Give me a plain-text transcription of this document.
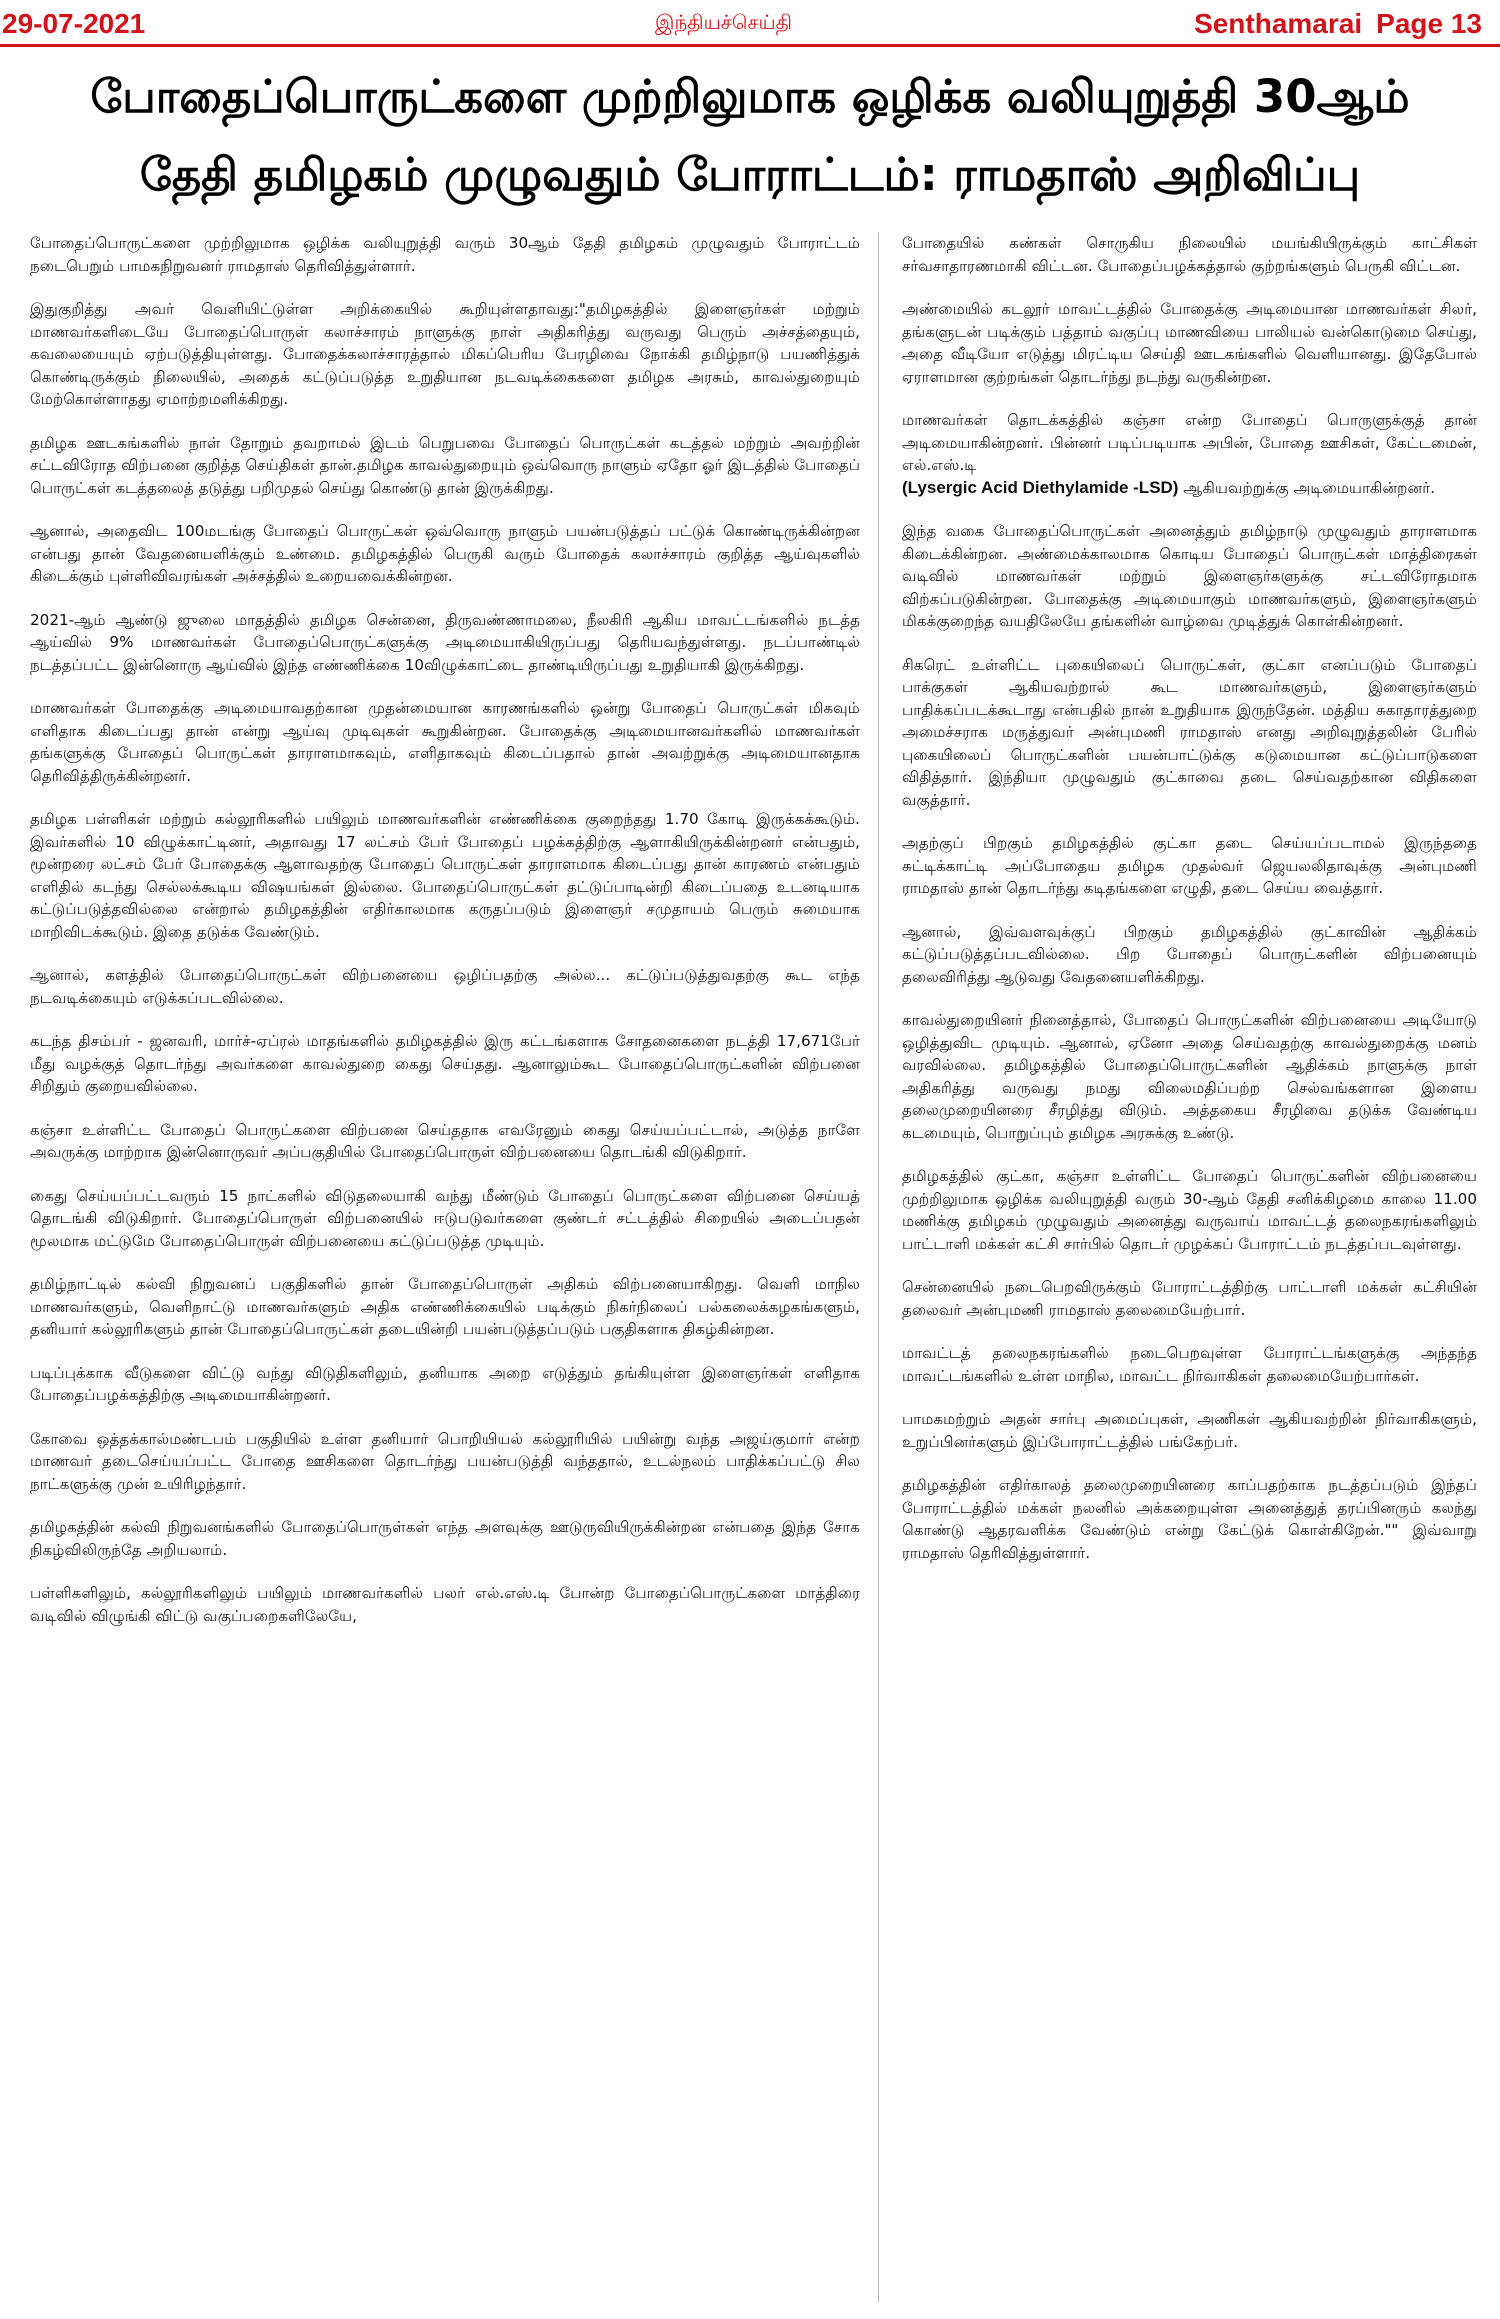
29-07-2021	இந்தியச்செய்தி	Senthamarai Page 13
போதைப்பொருட்களை முற்றிலுமாக ஒழிக்க வலியுறுத்தி 30ஆம்
தேதி தமிழகம் முழுவதும் போராட்டம்: ராமதாஸ் அறிவிப்பு

போதைப்பொருட்களை முற்றிலுமாக ஒழிக்க வலியுறுத்தி வரும் 30ஆம் தேதி தமிழகம் முழுவதும் போராட்டம் நடைபெறும் பாமகநிறுவனர் ராமதாஸ் தெரிவித்துள்ளார்.

இதுகுறித்து அவர் வெளியிட்டுள்ள அறிக்கையில் கூறியுள்ளதாவது:"தமிழகத்தில் இளைஞர்கள் மற்றும் மாணவர்களிடையே போதைப்பொருள் கலாச்சாரம் நாளுக்கு நாள் அதிகரித்து வருவது பெரும் அச்சத்தையும், கவலையையும் ஏற்படுத்தியுள்ளது. போதைக்கலாச்சாரத்தால் மிகப்பெரிய பேரழிவை நோக்கி தமிழ்நாடு பயணித்துக் கொண்டிருக்கும் நிலையில், அதைக் கட்டுப்படுத்த உறுதியான நடவடிக்கைகளை தமிழக அரசும், காவல்துறையும் மேற்கொள்ளாதது ஏமாற்றமளிக்கிறது.

தமிழக ஊடகங்களில் நாள் தோறும் தவறாமல் இடம் பெறுபவை போதைப் பொருட்கள் கடத்தல் மற்றும் அவற்றின் சட்டவிரோத விற்பனை குறித்த செய்திகள் தான்.தமிழக காவல்துறையும் ஒவ்வொரு நாளும் ஏதோ ஓர் இடத்தில் போதைப் பொருட்கள் கடத்தலைத் தடுத்து பறிமுதல் செய்து கொண்டு தான் இருக்கிறது.

ஆனால், அதைவிட 100மடங்கு போதைப் பொருட்கள் ஒவ்வொரு நாளும் பயன்படுத்தப் பட்டுக் கொண்டிருக்கின்றன என்பது தான் வேதனையளிக்கும் உண்மை. தமிழகத்தில் பெருகி வரும் போதைக் கலாச்சாரம் குறித்த ஆய்வுகளில் கிடைக்கும் புள்ளிவிவரங்கள் அச்சத்தில் உறையவைக்கின்றன.

2021-ஆம் ஆண்டு ஜுலை மாதத்தில் தமிழக சென்னை, திருவண்ணாமலை, நீலகிரி ஆகிய மாவட்டங்களில் நடத்த ஆய்வில் 9% மாணவர்கள் போதைப்பொருட்களுக்கு அடிமையாகியிருப்பது தெரியவந்துள்ளது. நடப்பாண்டில் நடத்தப்பட்ட இன்னொரு ஆய்வில் இந்த எண்ணிக்கை 10விழுக்காட்டை தாண்டியிருப்பது உறுதியாகி இருக்கிறது.

மாணவர்கள் போதைக்கு அடிமையாவதற்கான முதன்மையான காரணங்களில் ஒன்று போதைப் பொருட்கள் மிகவும் எளிதாக கிடைப்பது தான் என்று ஆய்வு முடிவுகள் கூறுகின்றன. போதைக்கு அடிமையானவர்களில் மாணவர்கள் தங்களுக்கு போதைப் பொருட்கள் தாராளமாகவும், எளிதாகவும் கிடைப்பதால் தான் அவற்றுக்கு அடிமையானதாக தெரிவித்திருக்கின்றனர்.

தமிழக பள்ளிகள் மற்றும் கல்லூரிகளில் பயிலும் மாணவர்களின் எண்ணிக்கை குறைந்தது 1.70 கோடி இருக்கக்கூடும். இவர்களில் 10 விழுக்காட்டினர், அதாவது 17 லட்சம் பேர் போதைப் பழக்கத்திற்கு ஆளாகியிருக்கின்றனர் என்பதும், மூன்றரை லட்சம் பேர் போதைக்கு ஆளாவதற்கு போதைப் பொருட்கள் தாராளமாக கிடைப்பது தான் காரணம் என்பதும் எளிதில் கடந்து செல்லக்கூடிய விஷயங்கள் இல்லை. போதைப்பொருட்கள் தட்டுப்பாடின்றி கிடைப்பதை உடனடியாக கட்டுப்படுத்தவில்லை என்றால் தமிழகத்தின் எதிர்காலமாக கருதப்படும் இளைஞர் சமுதாயம் பெரும் சுமையாக மாறிவிடக்கூடும். இதை தடுக்க வேண்டும்.

ஆனால், களத்தில் போதைப்பொருட்கள் விற்பனையை ஒழிப்பதற்கு அல்ல... கட்டுப்படுத்துவதற்கு கூட எந்த நடவடிக்கையும் எடுக்கப்படவில்லை.

கடந்த திசம்பர் - ஜனவரி, மார்ச்-ஏப்ரல் மாதங்களில் தமிழகத்தில் இரு கட்டங்களாக சோதனைகளை நடத்தி 17,671பேர் மீது வழக்குத் தொடர்ந்து அவர்களை காவல்துறை கைது செய்தது. ஆனாலும்கூட போதைப்பொருட்களின் விற்பனை சிறிதும் குறையவில்லை.

கஞ்சா உள்ளிட்ட போதைப் பொருட்களை விற்பனை செய்ததாக எவரேனும் கைது செய்யப்பட்டால், அடுத்த நாளே அவருக்கு மாற்றாக இன்னொருவர் அப்பகுதியில் போதைப்பொருள் விற்பனையை தொடங்கி விடுகிறார்.

கைது செய்யப்பட்டவரும் 15 நாட்களில் விடுதலையாகி வந்து மீண்டும் போதைப் பொருட்களை விற்பனை செய்யத் தொடங்கி விடுகிறார். போதைப்பொருள் விற்பனையில் ஈடுபடுவர்களை குண்டர் சட்டத்தில் சிறையில் அடைப்பதன் மூலமாக மட்டுமே போதைப்பொருள் விற்பனையை கட்டுப்படுத்த முடியும்.

தமிழ்நாட்டில் கல்வி நிறுவனப் பகுதிகளில் தான் போதைப்பொருள் அதிகம் விற்பனையாகிறது. வெளி மாநில மாணவர்களும், வெளிநாட்டு மாணவர்களும் அதிக எண்ணிக்கையில் படிக்கும் நிகர்நிலைப் பல்கலைக்கழகங்களும், தனியார் கல்லூரிகளும் தான் போதைப்பொருட்கள் தடையின்றி பயன்படுத்தப்படும் பகுதிகளாக திகழ்கின்றன.

படிப்புக்காக வீடுகளை விட்டு வந்து விடுதிகளிலும், தனியாக அறை எடுத்தும் தங்கியுள்ள இளைஞர்கள் எளிதாக போதைப்பழக்கத்திற்கு அடிமையாகின்றனர்.

கோவை ஒத்தக்கால்மண்டபம் பகுதியில் உள்ள தனியார் பொறியியல் கல்லூரியில் பயின்று வந்த அஜய்குமார் என்ற மாணவர் தடைசெய்யப்பட்ட போதை ஊசிகளை தொடர்ந்து பயன்படுத்தி வந்ததால், உடல்நலம் பாதிக்கப்பட்டு சில நாட்களுக்கு முன் உயிரிழந்தார்.

தமிழகத்தின் கல்வி நிறுவனங்களில் போதைப்பொருள்கள் எந்த அளவுக்கு ஊடுருவியிருக்கின்றன என்பதை இந்த சோக நிகழ்விலிருந்தே அறியலாம்.

பள்ளிகளிலும், கல்லூரிகளிலும் பயிலும் மாணவர்களில் பலர் எல்.எஸ்.டி போன்ற போதைப்பொருட்களை மாத்திரை வடிவில் விழுங்கி விட்டு வகுப்பறைகளிலேயே,

போதையில் கண்கள் சொருகிய நிலையில் மயங்கியிருக்கும் காட்சிகள் சர்வசாதாரணமாகி விட்டன. போதைப்பழக்கத்தால் குற்றங்களும் பெருகி விட்டன.

அண்மையில் கடலூர் மாவட்டத்தில் போதைக்கு அடிமையான மாணவர்கள் சிலர், தங்களுடன் படிக்கும் பத்தாம் வகுப்பு மாணவியை பாலியல் வன்கொடுமை செய்து, அதை வீடியோ எடுத்து மிரட்டிய செய்தி ஊடகங்களில் வெளியானது. இதேபோல் ஏராளமான குற்றங்கள் தொடர்ந்து நடந்து வருகின்றன.

மாணவர்கள் தொடக்கத்தில் கஞ்சா என்ற போதைப் பொருளுக்குத் தான் அடிமையாகின்றனர். பின்னர் படிப்படியாக அபின், போதை ஊசிகள், கேட்டமைன், எல்.எஸ்.டி

(Lysergic Acid Diethylamide -LSD) ஆகியவற்றுக்கு அடிமையாகின்றனர்.

இந்த வகை போதைப்பொருட்கள் அனைத்தும் தமிழ்நாடு முழுவதும் தாராளமாக கிடைக்கின்றன. அண்மைக்காலமாக கொடிய போதைப் பொருட்கள் மாத்திரைகள் வடிவில் மாணவர்கள் மற்றும் இளைஞர்களுக்கு சட்டவிரோதமாக விற்கப்படுகின்றன. போதைக்கு அடிமையாகும் மாணவர்களும், இளைஞர்களும் மிகக்குறைந்த வயதிலேயே தங்களின் வாழ்வை முடித்துக் கொள்கின்றனர்.

சிகரெட் உள்ளிட்ட புகையிலைப் பொருட்கள், குட்கா எனப்படும் போதைப் பாக்குகள் ஆகியவற்றால் கூட மாணவர்களும், இளைஞர்களும் பாதிக்கப்படக்கூடாது என்பதில் நான் உறுதியாக இருந்தேன். மத்திய சுகாதாரத்துறை அமைச்சராக மருத்துவர் அன்புமணி ராமதாஸ் எனது அறிவுறுத்தலின் பேரில் புகையிலைப் பொருட்களின் பயன்பாட்டுக்கு கடுமையான கட்டுப்பாடுகளை விதித்தார். இந்தியா முழுவதும் குட்காவை தடை செய்வதற்கான விதிகளை வகுத்தார்.

அதற்குப் பிறகும் தமிழகத்தில் குட்கா தடை செய்யப்படாமல் இருந்ததை சுட்டிக்காட்டி அப்போதைய தமிழக முதல்வர் ஜெயலலிதாவுக்கு அன்புமணி ராமதாஸ் தான் தொடர்ந்து கடிதங்களை எழுதி, தடை செய்ய வைத்தார்.

ஆனால், இவ்வளவுக்குப் பிறகும் தமிழகத்தில் குட்காவின் ஆதிக்கம் கட்டுப்படுத்தப்படவில்லை. பிற போதைப் பொருட்களின் விற்பனையும் தலைவிரித்து ஆடுவது வேதனையளிக்கிறது.

காவல்துறையினர் நினைத்தால், போதைப் பொருட்களின் விற்பனையை அடியோடு ஒழித்துவிட முடியும். ஆனால், ஏனோ அதை செய்வதற்கு காவல்துறைக்கு மனம் வரவில்லை. தமிழகத்தில் போதைப்பொருட்களின் ஆதிக்கம் நாளுக்கு நாள் அதிகரித்து வருவது நமது விலைமதிப்பற்ற செல்வங்களான இளைய தலைமுறையினரை சீரழித்து விடும். அத்தகைய சீரழிவை தடுக்க வேண்டிய கடமையும், பொறுப்பும் தமிழக அரசுக்கு உண்டு.

தமிழகத்தில் குட்கா, கஞ்சா உள்ளிட்ட போதைப் பொருட்களின் விற்பனையை முற்றிலுமாக ஒழிக்க வலியுறுத்தி வரும் 30-ஆம் தேதி சனிக்கிழமை காலை 11.00 மணிக்கு தமிழகம் முழுவதும் அனைத்து வருவாய் மாவட்டத் தலைநகரங்களிலும் பாட்டாளி மக்கள் கட்சி சார்பில் தொடர் முழக்கப் போராட்டம் நடத்தப்படவுள்ளது.

சென்னையில் நடைபெறவிருக்கும் போராட்டத்திற்கு பாட்டாளி மக்கள் கட்சியின் தலைவர் அன்புமணி ராமதாஸ் தலைமையேற்பார்.

மாவட்டத் தலைநகரங்களில் நடைபெறவுள்ள போராட்டங்களுக்கு அந்தந்த மாவட்டங்களில் உள்ள மாநில, மாவட்ட நிர்வாகிகள் தலைமையேற்பார்கள்.

பாமகமற்றும் அதன் சார்பு அமைப்புகள், அணிகள் ஆகியவற்றின் நிர்வாகிகளும், உறுப்பினர்களும் இப்போராட்டத்தில் பங்கேற்பர்.

தமிழகத்தின் எதிர்காலத் தலைமுறையினரை காப்பதற்காக நடத்தப்படும் இந்தப் போராட்டத்தில் மக்கள் நலனில் அக்கறையுள்ள அனைத்துத் தரப்பினரும் கலந்து கொண்டு ஆதரவளிக்க வேண்டும் என்று கேட்டுக் கொள்கிறேன்."" இவ்வாறு ராமதாஸ் தெரிவித்துள்ளார்.
